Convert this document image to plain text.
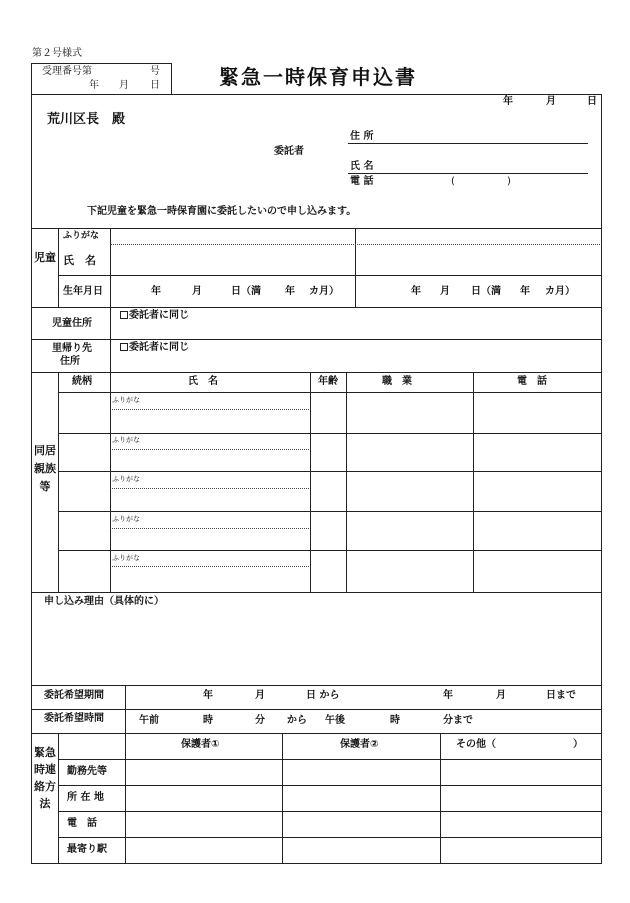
第２号様式
受理番号第	号
年 月 日	緊急一時保育申込書
年	月	日
荒川区長　殿
委託者
住 所
氏 名
電 話	(	)
下記児童を緊急一時保育園に委託したいので申し込みます。
児童
ふりがな
氏　名
生年月日	年	月	日（満 年 カ月）	年 月 日（満 年 カ月）
児童住所
委託者に同じ
里帰り先
住所
委託者に同じ
同居親族等
続柄	氏　名	年齢	職　業	電　話
ふりがな
ふりがな
ふりがな
ふりがな
ふりがな
申し込み理由（具体的に）
委託希望期間	年	月	日 から	年	月	日まで
委託希望時間	午前	時	分 から 午後	時	分まで
緊急時連絡方法
保護者①	保護者②	その他（	）
勤務先等
所 在 地
電　話
最寄り駅
